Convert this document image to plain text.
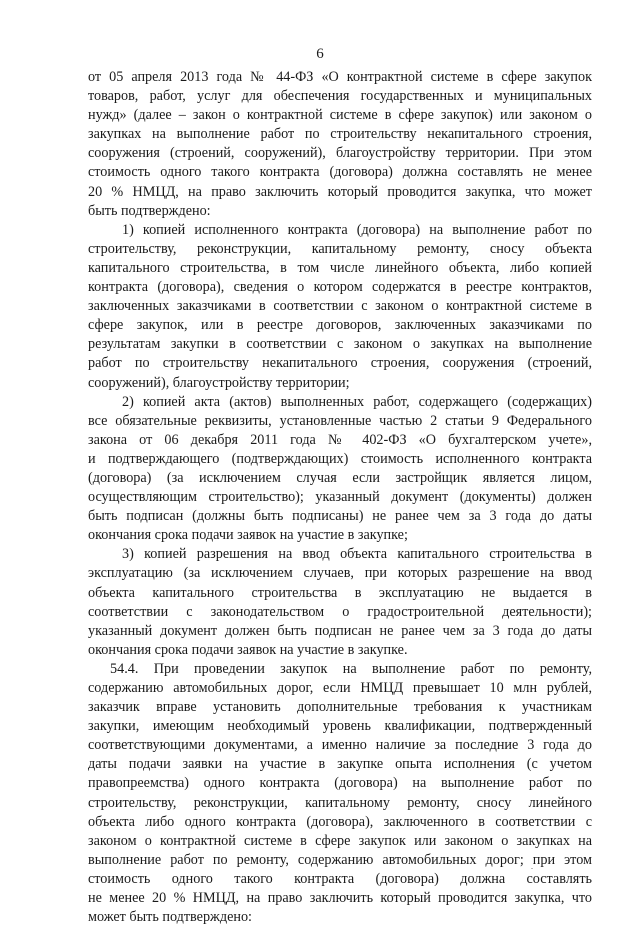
6
от 05 апреля 2013 года № 44-ФЗ «О контрактной системе в сфере закупок
товаров, работ, услуг для обеспечения государственных и муниципальных
нужд» (далее – закон о контрактной системе в сфере закупок) или законом о
закупках на выполнение работ по строительству некапитального строения,
сооружения (строений, сооружений), благоустройству территории. При этом
стоимость одного такого контракта (договора) должна составлять не менее
20 % НМЦД, на право заключить который проводится закупка, что может
быть подтверждено:
1) копией исполненного контракта (договора) на выполнение работ по
строительству, реконструкции, капитальному ремонту, сносу объекта
капитального строительства, в том числе линейного объекта, либо копией
контракта (договора), сведения о котором содержатся в реестре контрактов,
заключенных заказчиками в соответствии с законом о контрактной системе в
сфере закупок, или в реестре договоров, заключенных заказчиками по
результатам закупки в соответствии с законом о закупках на выполнение
работ по строительству некапитального строения, сооружения (строений,
сооружений), благоустройству территории;
2) копией акта (актов) выполненных работ, содержащего (содержащих)
все обязательные реквизиты, установленные частью 2 статьи 9 Федерального
закона от 06 декабря 2011 года № 402-ФЗ «О бухгалтерском учете»,
и подтверждающего (подтверждающих) стоимость исполненного контракта
(договора) (за исключением случая если застройщик является лицом,
осуществляющим строительство); указанный документ (документы) должен
быть подписан (должны быть подписаны) не ранее чем за 3 года до даты
окончания срока подачи заявок на участие в закупке;
3) копией разрешения на ввод объекта капитального строительства в
эксплуатацию (за исключением случаев, при которых разрешение на ввод
объекта капитального строительства в эксплуатацию не выдается в
соответствии с законодательством о градостроительной деятельности);
указанный документ должен быть подписан не ранее чем за 3 года до даты
окончания срока подачи заявок на участие в закупке.
54.4. При проведении закупок на выполнение работ по ремонту,
содержанию автомобильных дорог, если НМЦД превышает 10 млн рублей,
заказчик вправе установить дополнительные требования к участникам
закупки, имеющим необходимый уровень квалификации, подтвержденный
соответствующими документами, а именно наличие за последние 3 года до
даты подачи заявки на участие в закупке опыта исполнения (с учетом
правопреемства) одного контракта (договора) на выполнение работ по
строительству, реконструкции, капитальному ремонту, сносу линейного
объекта либо одного контракта (договора), заключенного в соответствии с
законом о контрактной системе в сфере закупок или законом о закупках на
выполнение работ по ремонту, содержанию автомобильных дорог; при этом
стоимость одного такого контракта (договора) должна составлять
не менее 20 % НМЦД, на право заключить который проводится закупка, что
может быть подтверждено:
